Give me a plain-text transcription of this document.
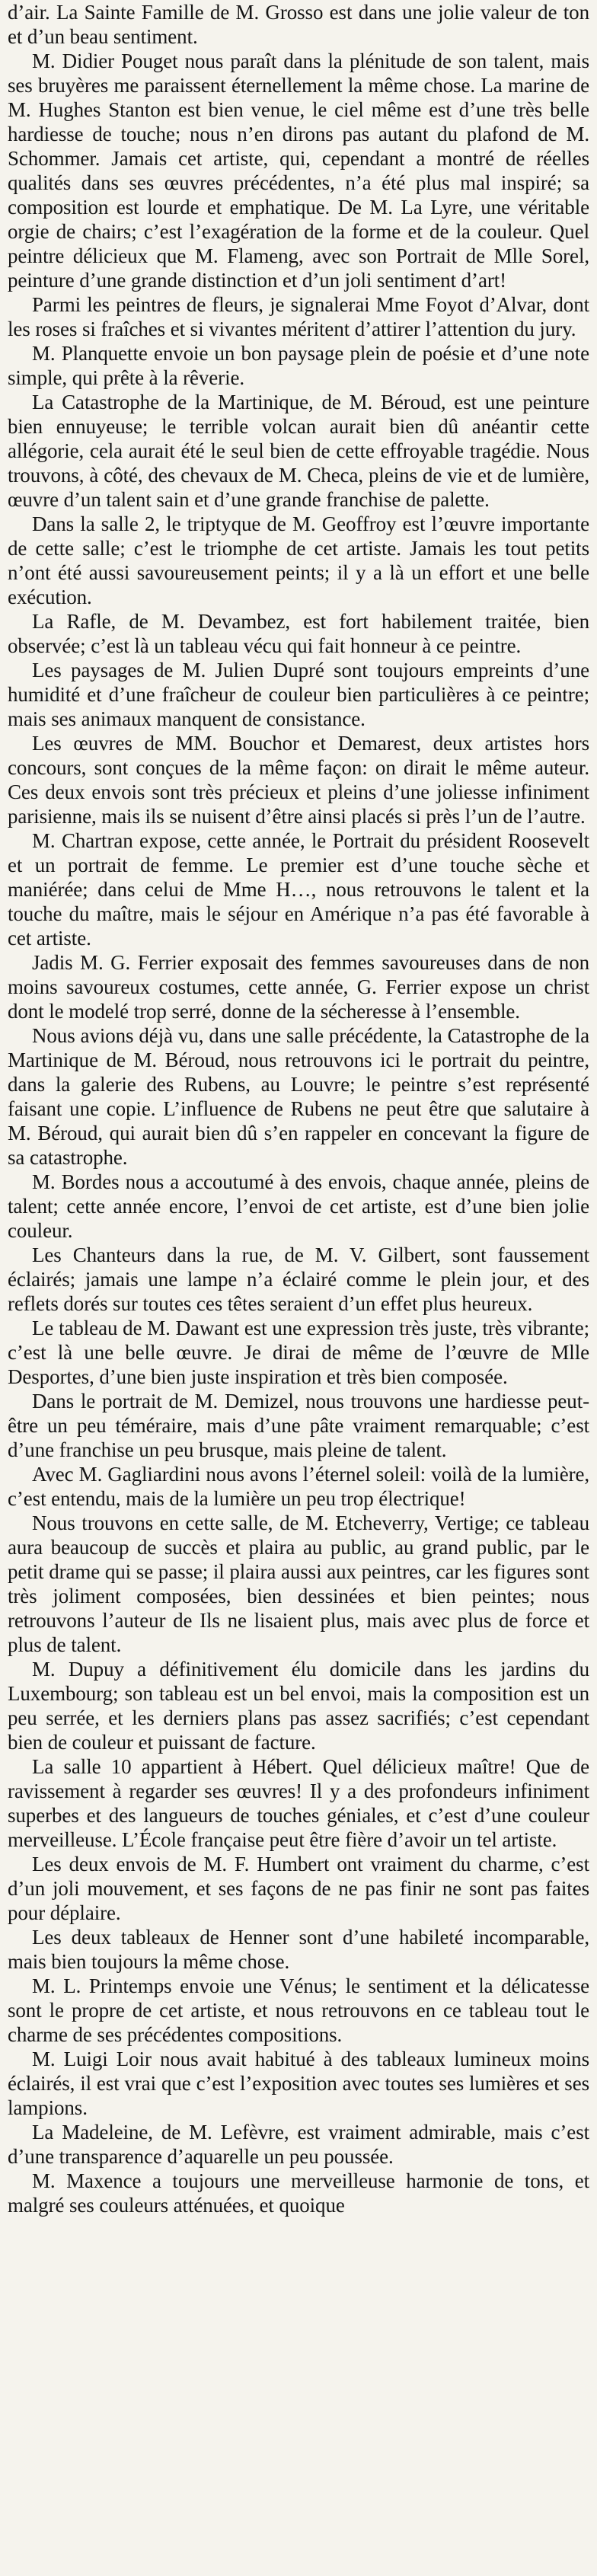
d’air. La Sainte Famille de M. Grosso est dans une jolie valeur de ton et d’un beau sentiment.

M. Didier Pouget nous paraît dans la plénitude de son talent, mais ses bruyères me paraissent éternellement la même chose. La marine de M. Hughes Stanton est bien venue, le ciel même est d’une très belle hardiesse de touche; nous n’en dirons pas autant du plafond de M. Schommer. Jamais cet artiste, qui, cependant a montré de réelles qualités dans ses œuvres précédentes, n’a été plus mal inspiré; sa composition est lourde et emphatique. De M. La Lyre, une véritable orgie de chairs; c’est l’exagération de la forme et de la couleur. Quel peintre délicieux que M. Flameng, avec son Portrait de Mlle Sorel, peinture d’une grande distinction et d’un joli sentiment d’art!

Parmi les peintres de fleurs, je signalerai Mme Foyot d’Alvar, dont les roses si fraîches et si vivantes méritent d’attirer l’attention du jury.

M. Planquette envoie un bon paysage plein de poésie et d’une note simple, qui prête à la rêverie.

La Catastrophe de la Martinique, de M. Béroud, est une peinture bien ennuyeuse; le terrible volcan aurait bien dû anéantir cette allégorie, cela aurait été le seul bien de cette effroyable tragédie. Nous trouvons, à côté, des chevaux de M. Checa, pleins de vie et de lumière, œuvre d’un talent sain et d’une grande franchise de palette.

Dans la salle 2, le triptyque de M. Geoffroy est l’œuvre importante de cette salle; c’est le triomphe de cet artiste. Jamais les tout petits n’ont été aussi savoureusement peints; il y a là un effort et une belle exécution.

La Rafle, de M. Devambez, est fort habilement traitée, bien observée; c’est là un tableau vécu qui fait honneur à ce peintre.

Les paysages de M. Julien Dupré sont toujours empreints d’une humidité et d’une fraîcheur de couleur bien particulières à ce peintre; mais ses animaux manquent de consistance.

Les œuvres de MM. Bouchor et Demarest, deux artistes hors concours, sont conçues de la même façon: on dirait le même auteur. Ces deux envois sont très précieux et pleins d’une joliesse infiniment parisienne, mais ils se nuisent d’être ainsi placés si près l’un de l’autre.

M. Chartran expose, cette année, le Portrait du président Roosevelt et un portrait de femme. Le premier est d’une touche sèche et maniérée; dans celui de Mme H…, nous retrouvons le talent et la touche du maître, mais le séjour en Amérique n’a pas été favorable à cet artiste.

Jadis M. G. Ferrier exposait des femmes savoureuses dans de non moins savoureux costumes, cette année, G. Ferrier expose un christ dont le modelé trop serré, donne de la sécheresse à l’ensemble.

Nous avions déjà vu, dans une salle précédente, la Catastrophe de la Martinique de M. Béroud, nous retrouvons ici le portrait du peintre, dans la galerie des Rubens, au Louvre; le peintre s’est représenté faisant une copie. L’influence de Rubens ne peut être que salutaire à M. Béroud, qui aurait bien dû s’en rappeler en concevant la figure de sa catastrophe.

M. Bordes nous a accoutumé à des envois, chaque année, pleins de talent; cette année encore, l’envoi de cet artiste, est d’une bien jolie couleur.

Les Chanteurs dans la rue, de M. V. Gilbert, sont faussement éclairés; jamais une lampe n’a éclairé comme le plein jour, et des reflets dorés sur toutes ces têtes seraient d’un effet plus heureux.

Le tableau de M. Dawant est une expression très juste, très vibrante; c’est là une belle œuvre. Je dirai de même de l’œuvre de Mlle Desportes, d’une bien juste inspiration et très bien composée.

Dans le portrait de M. Demizel, nous trouvons une hardiesse peut-être un peu téméraire, mais d’une pâte vraiment remarquable; c’est d’une franchise un peu brusque, mais pleine de talent.

Avec M. Gagliardini nous avons l’éternel soleil: voilà de la lumière, c’est entendu, mais de la lumière un peu trop électrique!

Nous trouvons en cette salle, de M. Etcheverry, Vertige; ce tableau aura beaucoup de succès et plaira au public, au grand public, par le petit drame qui se passe; il plaira aussi aux peintres, car les figures sont très joliment composées, bien dessinées et bien peintes; nous retrouvons l’auteur de Ils ne lisaient plus, mais avec plus de force et plus de talent.

M. Dupuy a définitivement élu domicile dans les jardins du Luxembourg; son tableau est un bel envoi, mais la composition est un peu serrée, et les derniers plans pas assez sacrifiés; c’est cependant bien de couleur et puissant de facture.

La salle 10 appartient à Hébert. Quel délicieux maître! Que de ravissement à regarder ses œuvres! Il y a des profondeurs infiniment superbes et des langueurs de touches géniales, et c’est d’une couleur merveilleuse. L’École française peut être fière d’avoir un tel artiste.

Les deux envois de M. F. Humbert ont vraiment du charme, c’est d’un joli mouvement, et ses façons de ne pas finir ne sont pas faites pour déplaire.

Les deux tableaux de Henner sont d’une habileté incomparable, mais bien toujours la même chose.

M. L. Printemps envoie une Vénus; le sentiment et la délicatesse sont le propre de cet artiste, et nous retrouvons en ce tableau tout le charme de ses précédentes compositions.

M. Luigi Loir nous avait habitué à des tableaux lumineux moins éclairés, il est vrai que c’est l’exposition avec toutes ses lumières et ses lampions.

La Madeleine, de M. Lefèvre, est vraiment admirable, mais c’est d’une transparence d’aquarelle un peu poussée.

M. Maxence a toujours une merveilleuse harmonie de tons, et malgré ses couleurs atténuées, et quoique
